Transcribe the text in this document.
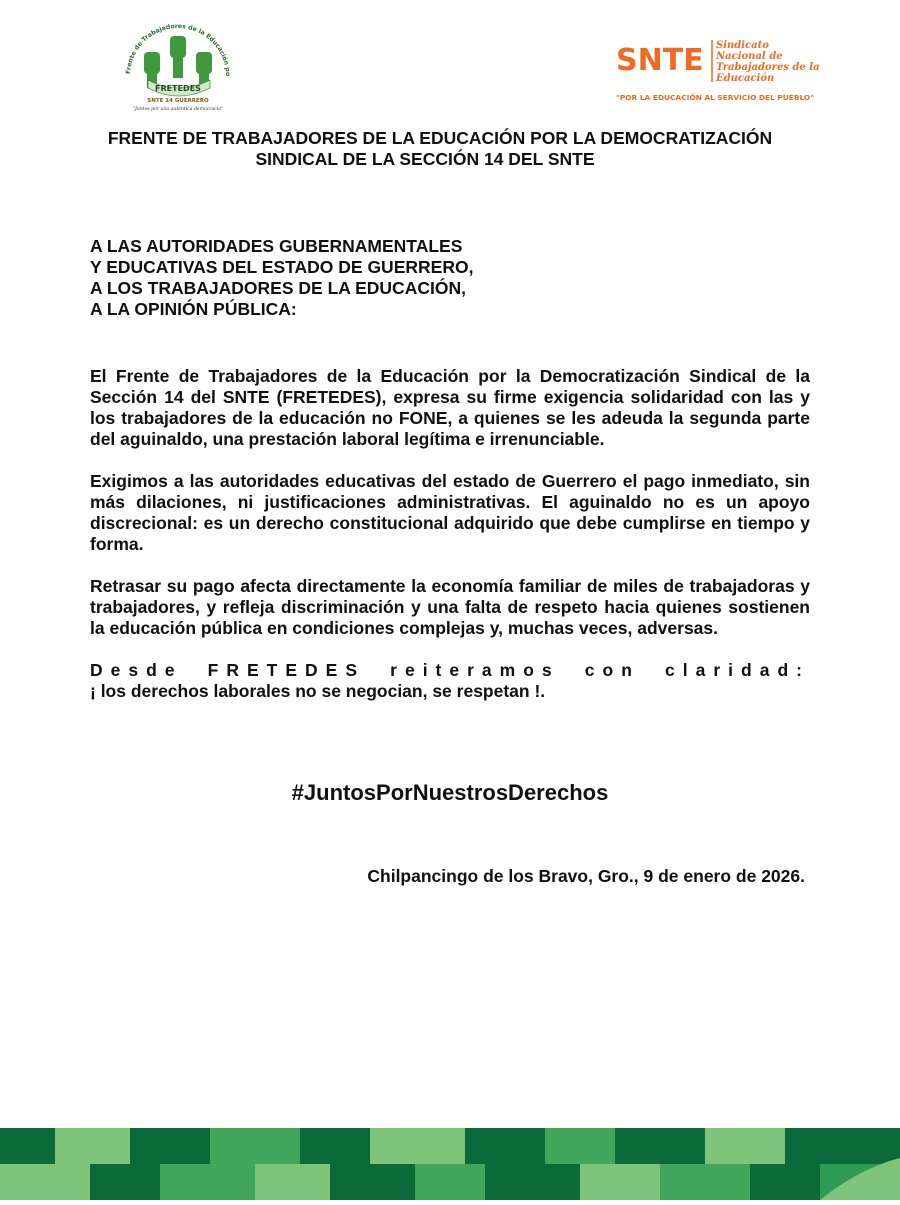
Frente de Trabajadores de la Educación po
FRETEDES
SNTE 14 GUERRERO
"Juntos por una auténtica democracia"
SNTE Sindicato
Nacional de
Trabajadores de la
Educación
"POR LA EDUCACIÓN AL SERVICIO DEL PUEBLO"
FRENTE DE TRABAJADORES DE LA EDUCACIÓN POR LA DEMOCRATIZACIÓN
SINDICAL DE LA SECCIÓN 14 DEL SNTE
A LAS AUTORIDADES GUBERNAMENTALES
Y EDUCATIVAS DEL ESTADO DE GUERRERO,
A LOS TRABAJADORES DE LA EDUCACIÓN,
A LA OPINIÓN PÚBLICA:

El Frente de Trabajadores de la Educación por la Democratización Sindical de la Sección 14 del SNTE (FRETEDES), expresa su firme exigencia solidaridad con las y los trabajadores de la educación no FONE, a quienes se les adeuda la segunda parte del aguinaldo, una prestación laboral legítima e irrenunciable.

Exigimos a las autoridades educativas del estado de Guerrero el pago inmediato, sin más dilaciones, ni justificaciones administrativas. El aguinaldo no es un apoyo discrecional: es un derecho constitucional adquirido que debe cumplirse en tiempo y forma.

Retrasar su pago afecta directamente la economía familiar de miles de trabajadoras y trabajadores, y refleja discriminación y una falta de respeto hacia quienes sostienen la educación pública en condiciones complejas y, muchas veces, adversas.

Desde FRETEDES reiteramos con claridad:
¡ los derechos laborales no se negocian, se respetan !.

#JuntosPorNuestrosDerechos
Chilpancingo de los Bravo, Gro., 9 de enero de 2026.
